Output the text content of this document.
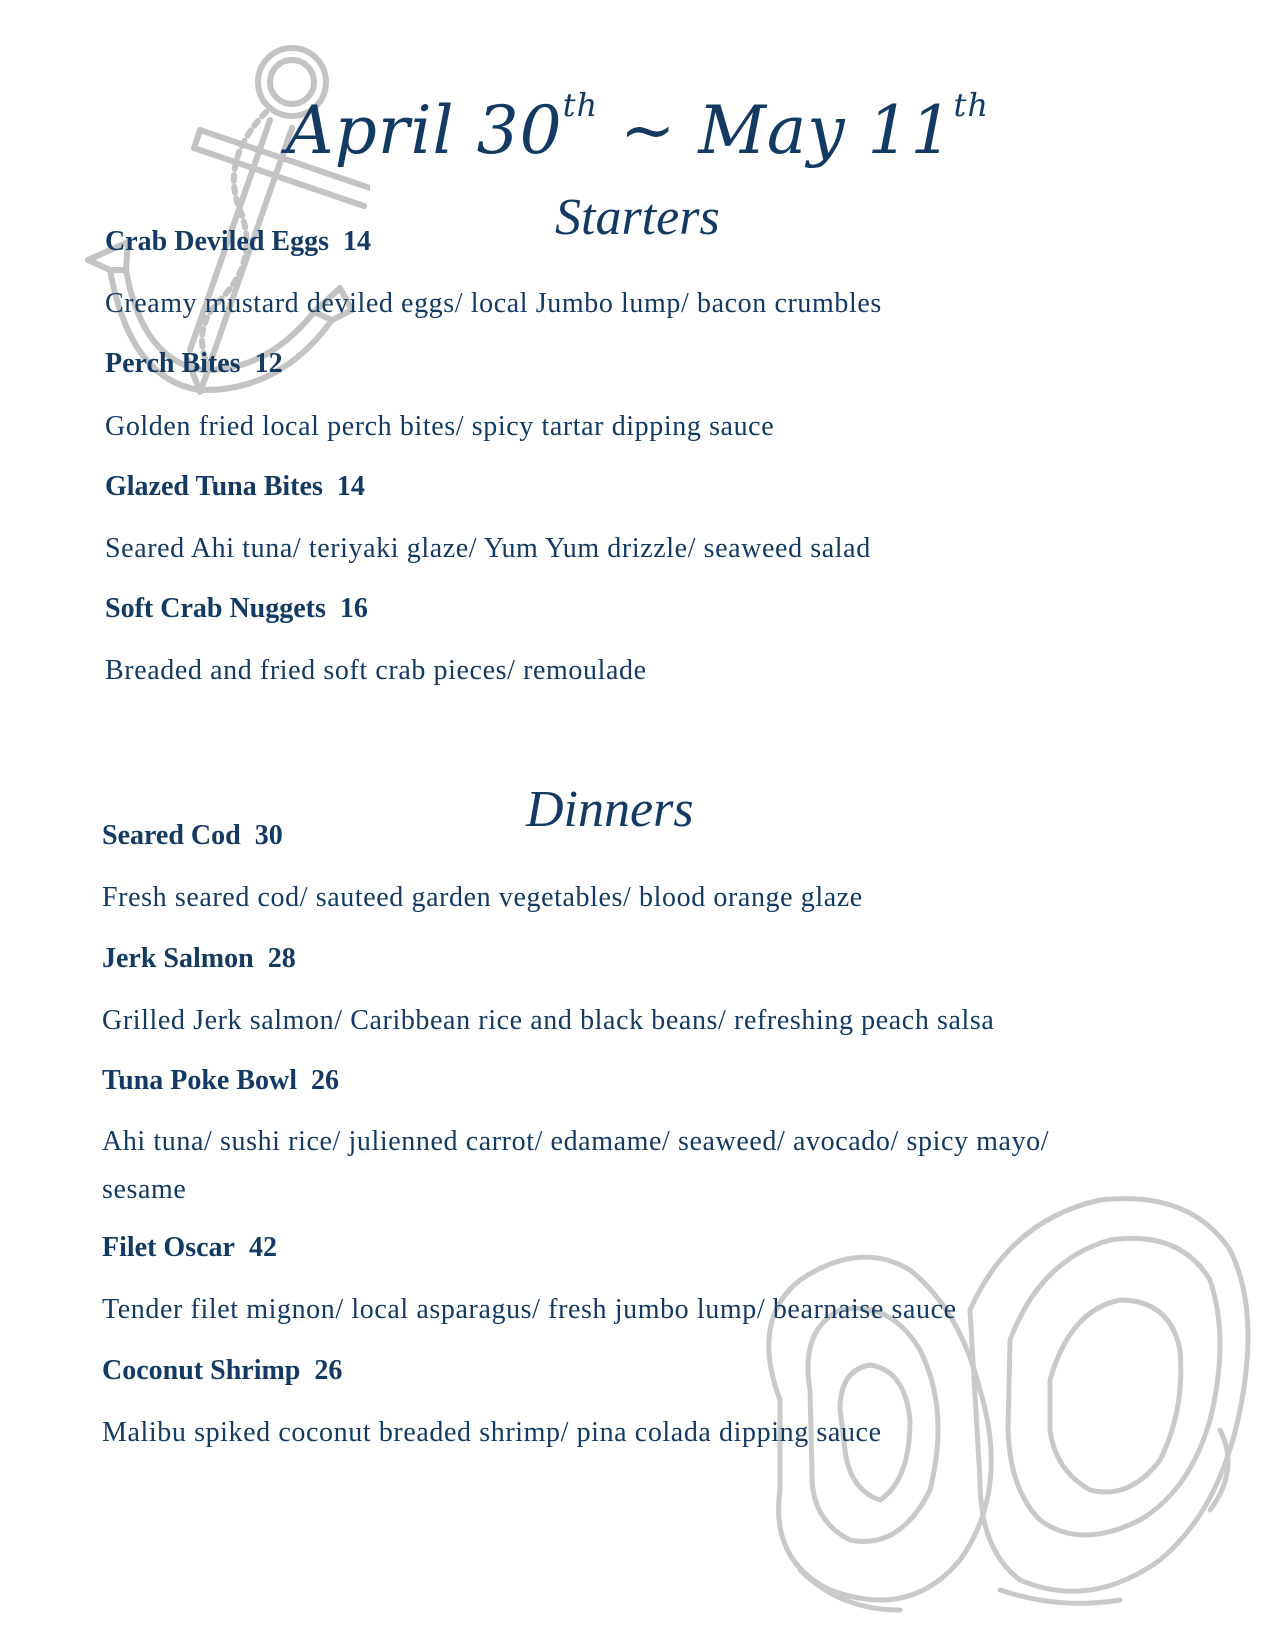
April 30th ~ May 11th
Starters
Crab Deviled Eggs 14
Creamy mustard deviled eggs/ local Jumbo lump/ bacon crumbles
Perch Bites 12
Golden fried local perch bites/ spicy tartar dipping sauce
Glazed Tuna Bites 14
Seared Ahi tuna/ teriyaki glaze/ Yum Yum drizzle/ seaweed salad
Soft Crab Nuggets 16
Breaded and fried soft crab pieces/ remoulade
Dinners
Seared Cod 30
Fresh seared cod/ sauteed garden vegetables/ blood orange glaze
Jerk Salmon 28
Grilled Jerk salmon/ Caribbean rice and black beans/ refreshing peach salsa
Tuna Poke Bowl 26
Ahi tuna/ sushi rice/ julienned carrot/ edamame/ seaweed/ avocado/ spicy mayo/ sesame
Filet Oscar 42
Tender filet mignon/ local asparagus/ fresh jumbo lump/ bearnaise sauce
Coconut Shrimp 26
Malibu spiked coconut breaded shrimp/ pina colada dipping sauce
